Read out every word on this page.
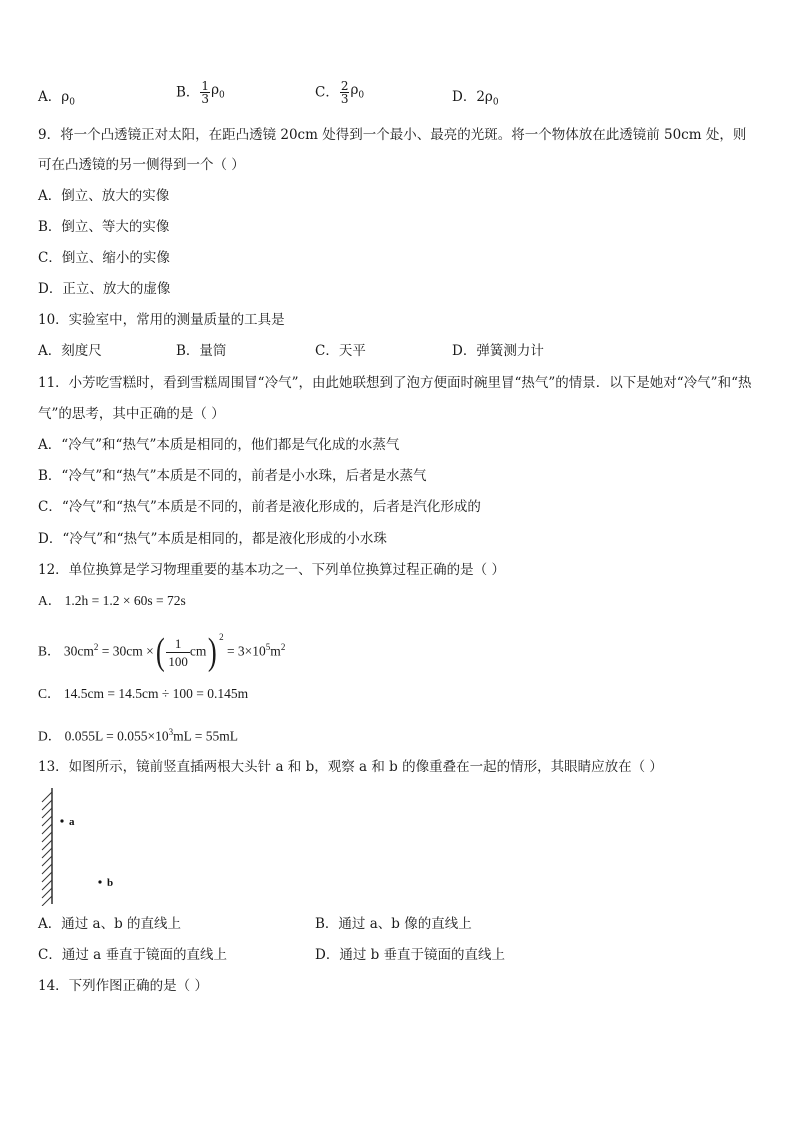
A．$\rho_0$
B． $\frac{1}{3} \rho_0$	C． $\frac{2}{3} \rho_0$	D．$2\rho_0$
9．将一个凸透镜正对太阳，在距凸透镜 20cm 处得到一个最小、最亮的光斑。将一个物体放在此透镜前 50cm 处，则
可在凸透镜的另一侧得到一个（ ）
A．倒立、放大的实像
B．倒立、等大的实像
C．倒立、缩小的实像
D．正立、放大的虚像
10．实验室中，常用的测量质量的工具是
A．刻度尺	B．量筒	C．天平	D．弹簧测力计
11．小芳吃雪糕时，看到雪糕周围冒“冷气”，由此她联想到了泡方便面时碗里冒“热气”的情景．以下是她对“冷气”和“热
气”的思考，其中正确的是（ ）
A．“冷气”和“热气”本质是相同的，他们都是气化成的水蒸气
B．“冷气”和“热气”本质是不同的，前者是小水珠，后者是水蒸气
C．“冷气”和“热气”本质是不同的，前者是液化形成的，后者是汽化形成的
D．“冷气”和“热气”本质是相同的，都是液化形成的小水珠
12．单位换算是学习物理重要的基本功之一、下列单位换算过程正确的是（ ）
A． 1.2h = 1.2 × 60s = 72s
B． $30cm^2 = 30cm$ ×( $\frac{1}{100} cm$) $^2 = 3\times 10^5m^2$
C． 14.5cm = 14.5cm ÷ 100 = 0.145m
D． $0.055L = 0.055\times 10^3mL = 55mL$
13．如图所示，镜前竖直插两根大头针 a 和 b，观察 a 和 b 的像重叠在一起的情形，其眼睛应放在（ ）
a
b
A．通过 a、b 的直线上	B．通过 a、b 像的直线上
C．通过 a 垂直于镜面的直线上	D．通过 b 垂直于镜面的直线上
14．下列作图正确的是（ ）
